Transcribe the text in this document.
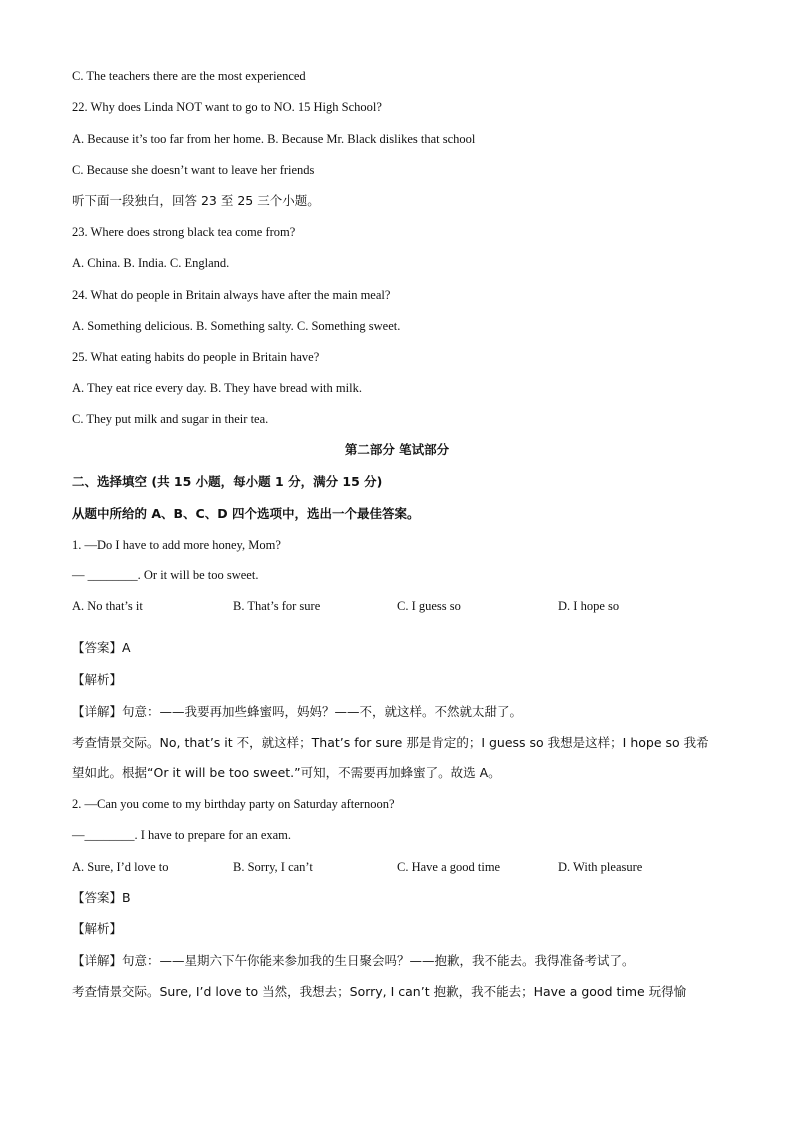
C. The teachers there are the most experienced
22. Why does Linda NOT want to go to NO. 15 High School?
A. Because it’s too far from her home. B. Because Mr. Black dislikes that school
C. Because she doesn’t want to leave her friends
听下面一段独白，回答 23 至 25 三个小题。
23. Where does strong black tea come from?
A. China. B. India. C. England.
24. What do people in Britain always have after the main meal?
A. Something delicious. B. Something salty. C. Something sweet.
25. What eating habits do people in Britain have?
A. They eat rice every day. B. They have bread with milk.
C. They put milk and sugar in their tea.
第二部分 笔试部分
二、选择填空 (共 15 小题，每小题 1 分，满分 15 分)
从题中所给的 A、B、C、D 四个选项中，选出一个最佳答案。
1. —Do I have to add more honey, Mom?
— ________. Or it will be too sweet.
A. No that’s it	B. That’s for sure	C. I guess so	D. I hope so
【答案】A
【解析】
【详解】句意：——我要再加些蜂蜜吗，妈妈？——不，就这样。不然就太甜了。
考查情景交际。No, that’s it 不，就这样；That’s for sure 那是肯定的；I guess so 我想是这样；I hope so 我希
望如此。根据“Or it will be too sweet.”可知，不需要再加蜂蜜了。故选 A。
2. —Can you come to my birthday party on Saturday afternoon?
—________. I have to prepare for an exam.
A. Sure, I’d love to	B. Sorry, I can’t	C. Have a good time	D. With pleasure
【答案】B
【解析】
【详解】句意：——星期六下午你能来参加我的生日聚会吗？——抱歉，我不能去。我得准备考试了。
考查情景交际。Sure, I’d love to 当然，我想去；Sorry, I can’t 抱歉，我不能去；Have a good time 玩得愉
